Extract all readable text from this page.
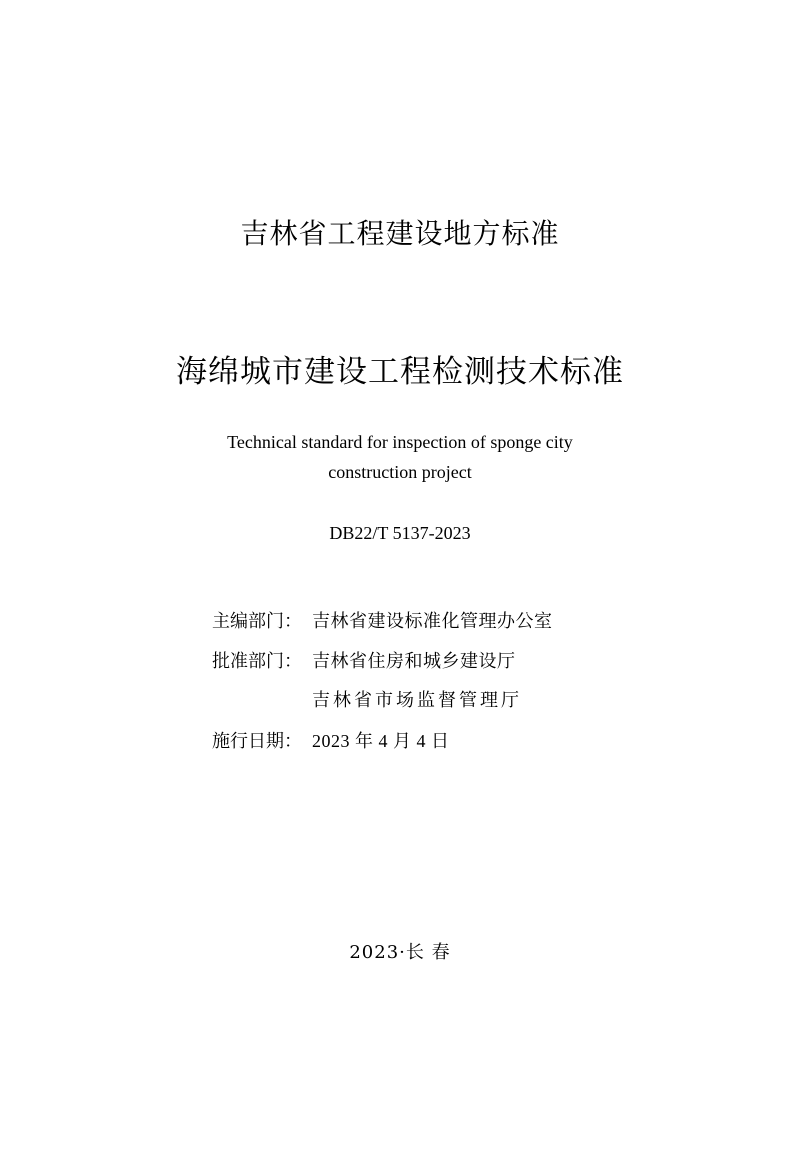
吉林省工程建设地方标准
海绵城市建设工程检测技术标准
Technical standard for inspection of sponge city
construction project
DB22/T 5137-2023
主编部门： 吉林省建设标准化管理办公室
批准部门： 吉林省住房和城乡建设厅
吉林省市场监督管理厅
施行日期： 2023 年 4 月 4 日
2023·长 春
